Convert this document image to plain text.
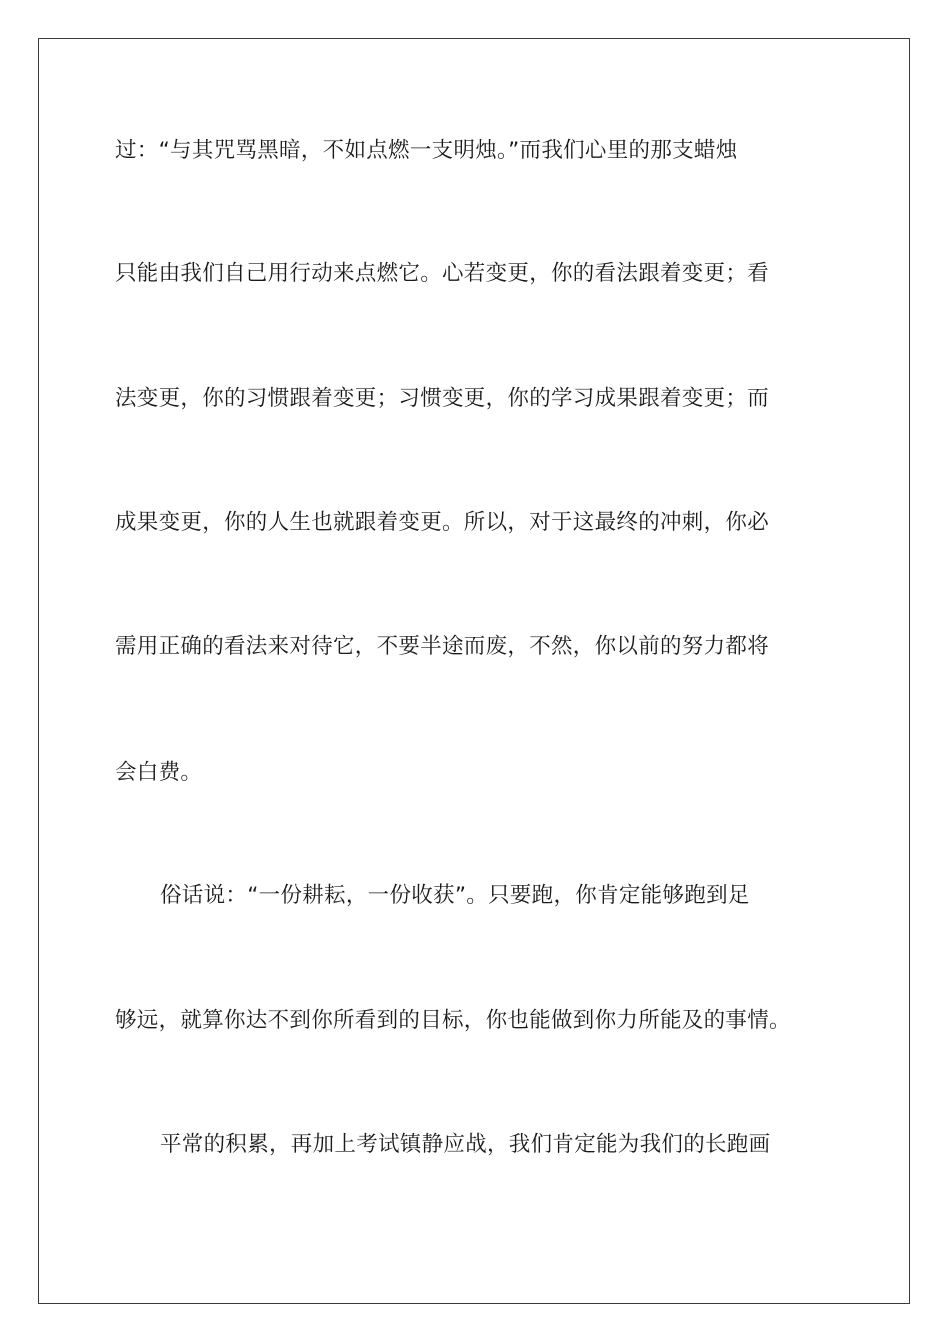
过：“与其咒骂黑暗，不如点燃一支明烛。”而我们心里的那支蜡烛
只能由我们自己用行动来点燃它。心若变更，你的看法跟着变更；看
法变更，你的习惯跟着变更；习惯变更，你的学习成果跟着变更；而
成果变更，你的人生也就跟着变更。所以，对于这最终的冲刺，你必
需用正确的看法来对待它，不要半途而废，不然，你以前的努力都将
会白费。
俗话说：“一份耕耘，一份收获”。只要跑，你肯定能够跑到足
够远，就算你达不到你所看到的目标，你也能做到你力所能及的事情。
平常的积累，再加上考试镇静应战，我们肯定能为我们的长跑画
